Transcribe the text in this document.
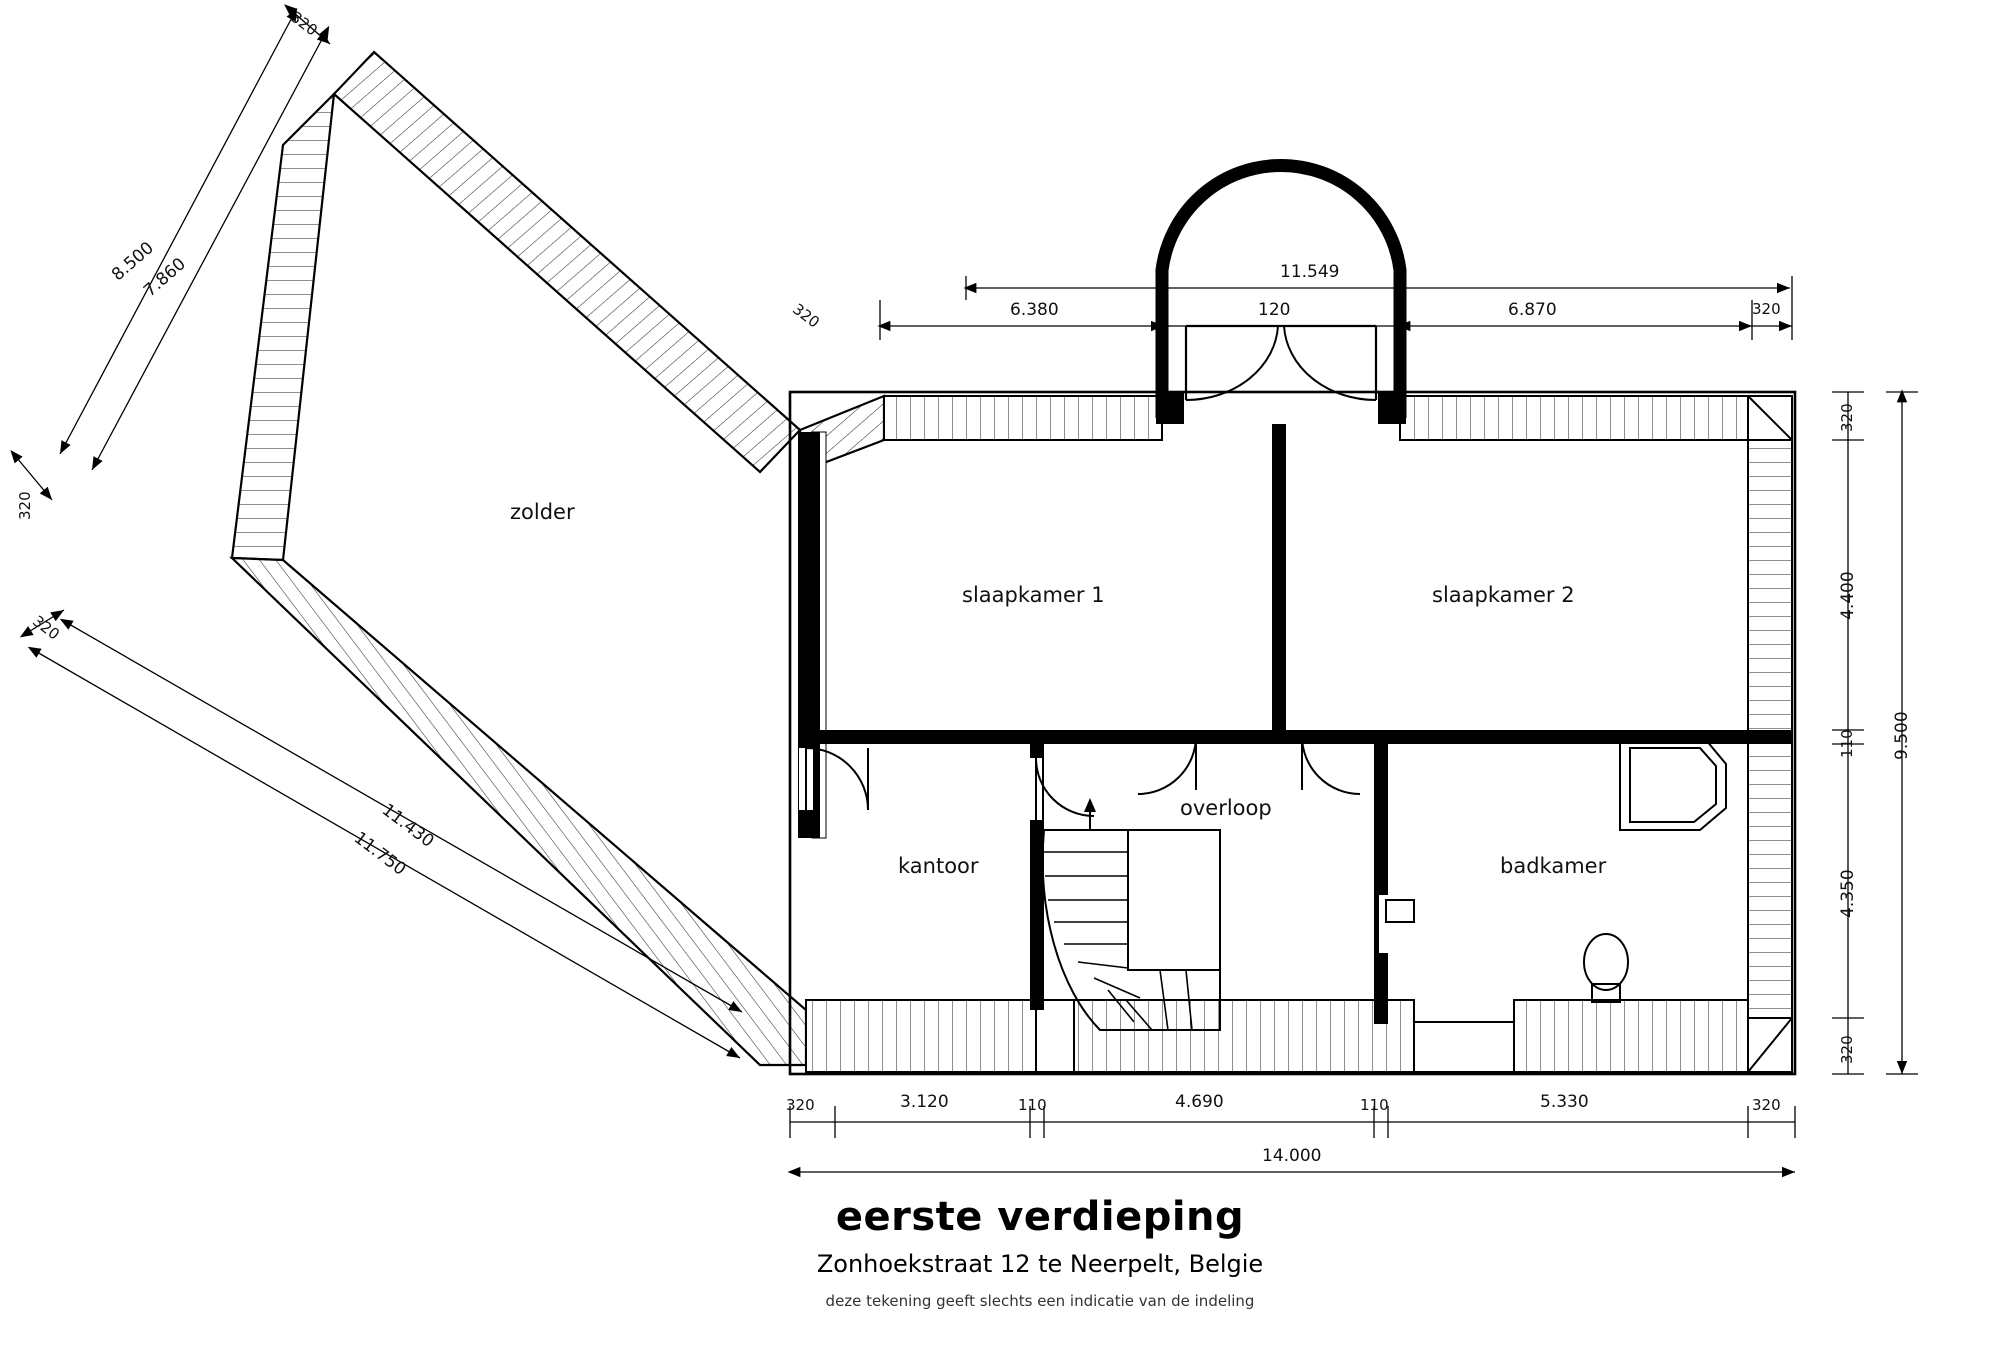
zolder
slaapkamer 1	slaapkamer 2
kantoor
overloop
badkamer
11.549
6.380	120	6.870	320
320
320	3.120	110	4.690	110	5.330	320
14.000
320
4.400
110
4.350
320
9.500
8.500
7.860
11.430
11.750
320
320
320
eerste verdieping
Zonhoekstraat 12 te Neerpelt, Belgie
deze tekening geeft slechts een indicatie van de indeling
